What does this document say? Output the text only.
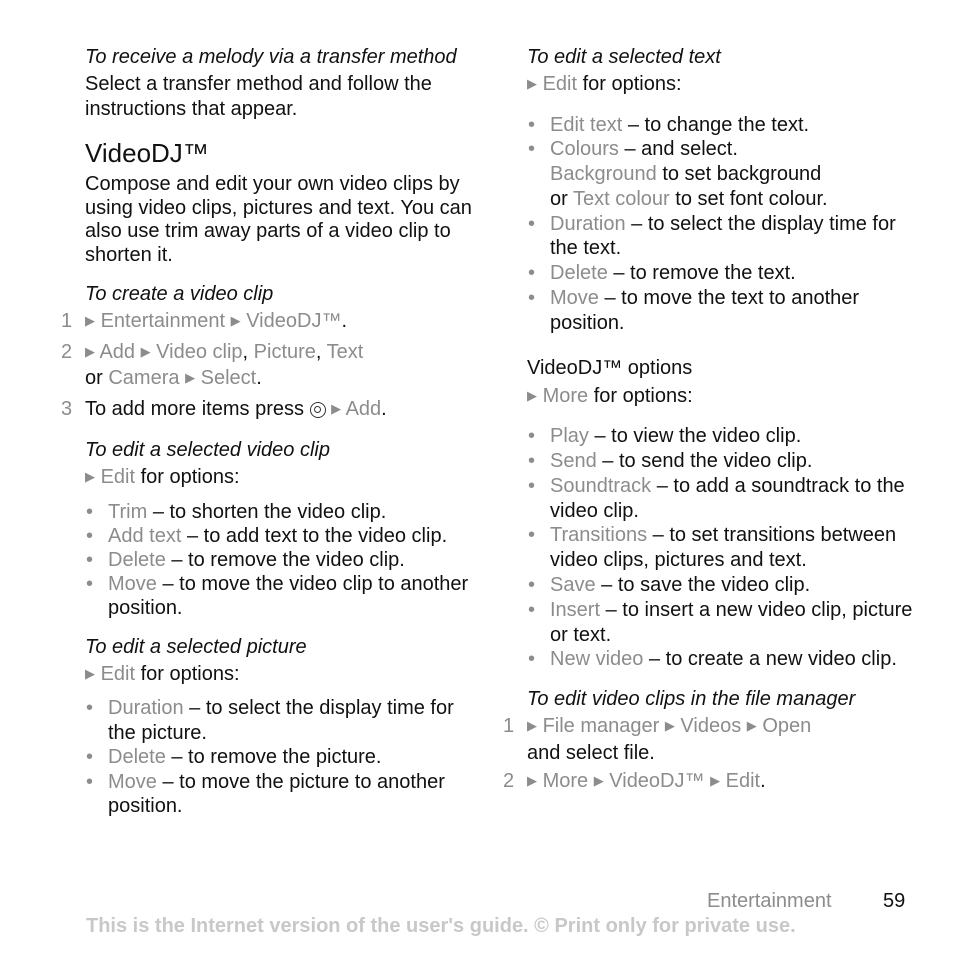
To receive a melody via a transfer method

Select a transfer method and follow the instructions that appear.

VideoDJ™

Compose and edit your own video clips by using video clips, pictures and text. You can also use trim away parts of a video clip to shorten it.

To create a video clip
1 ▶ Entertainment ▶ VideoDJ™.
2 ▶ Add ▶ Video clip, Picture, Text
or Camera ▶ Select.
3 To add more items press ▶ Add.
To edit a selected video clip

▶ Edit for options:

• Trim – to shorten the video clip.
• Add text – to add text to the video clip.
• Delete – to remove the video clip.
• Move – to move the video clip to another position.
To edit a selected picture

▶ Edit for options:

• Duration – to select the display time for the picture.
• Delete – to remove the picture.
• Move – to move the picture to another position.
To edit a selected text

▶ Edit for options:

• Edit text – to change the text.
• Colours – and select.
Background to set background
or Text colour to set font colour.
• Duration – to select the display time for the text.
• Delete – to remove the text.
• Move – to move the text to another position.
VideoDJ™ options

▶ More for options:

• Play – to view the video clip.
• Send – to send the video clip.
• Soundtrack – to add a soundtrack to the video clip.
• Transitions – to set transitions between video clips, pictures and text.
• Save – to save the video clip.
• Insert – to insert a new video clip, picture or text.
• New video – to create a new video clip.
To edit video clips in the file manager
1 ▶ File manager ▶ Videos ▶ Open
and select file.
2 ▶ More ▶ VideoDJ™ ▶ Edit.
Entertainment	59
This is the Internet version of the user's guide. © Print only for private use.
